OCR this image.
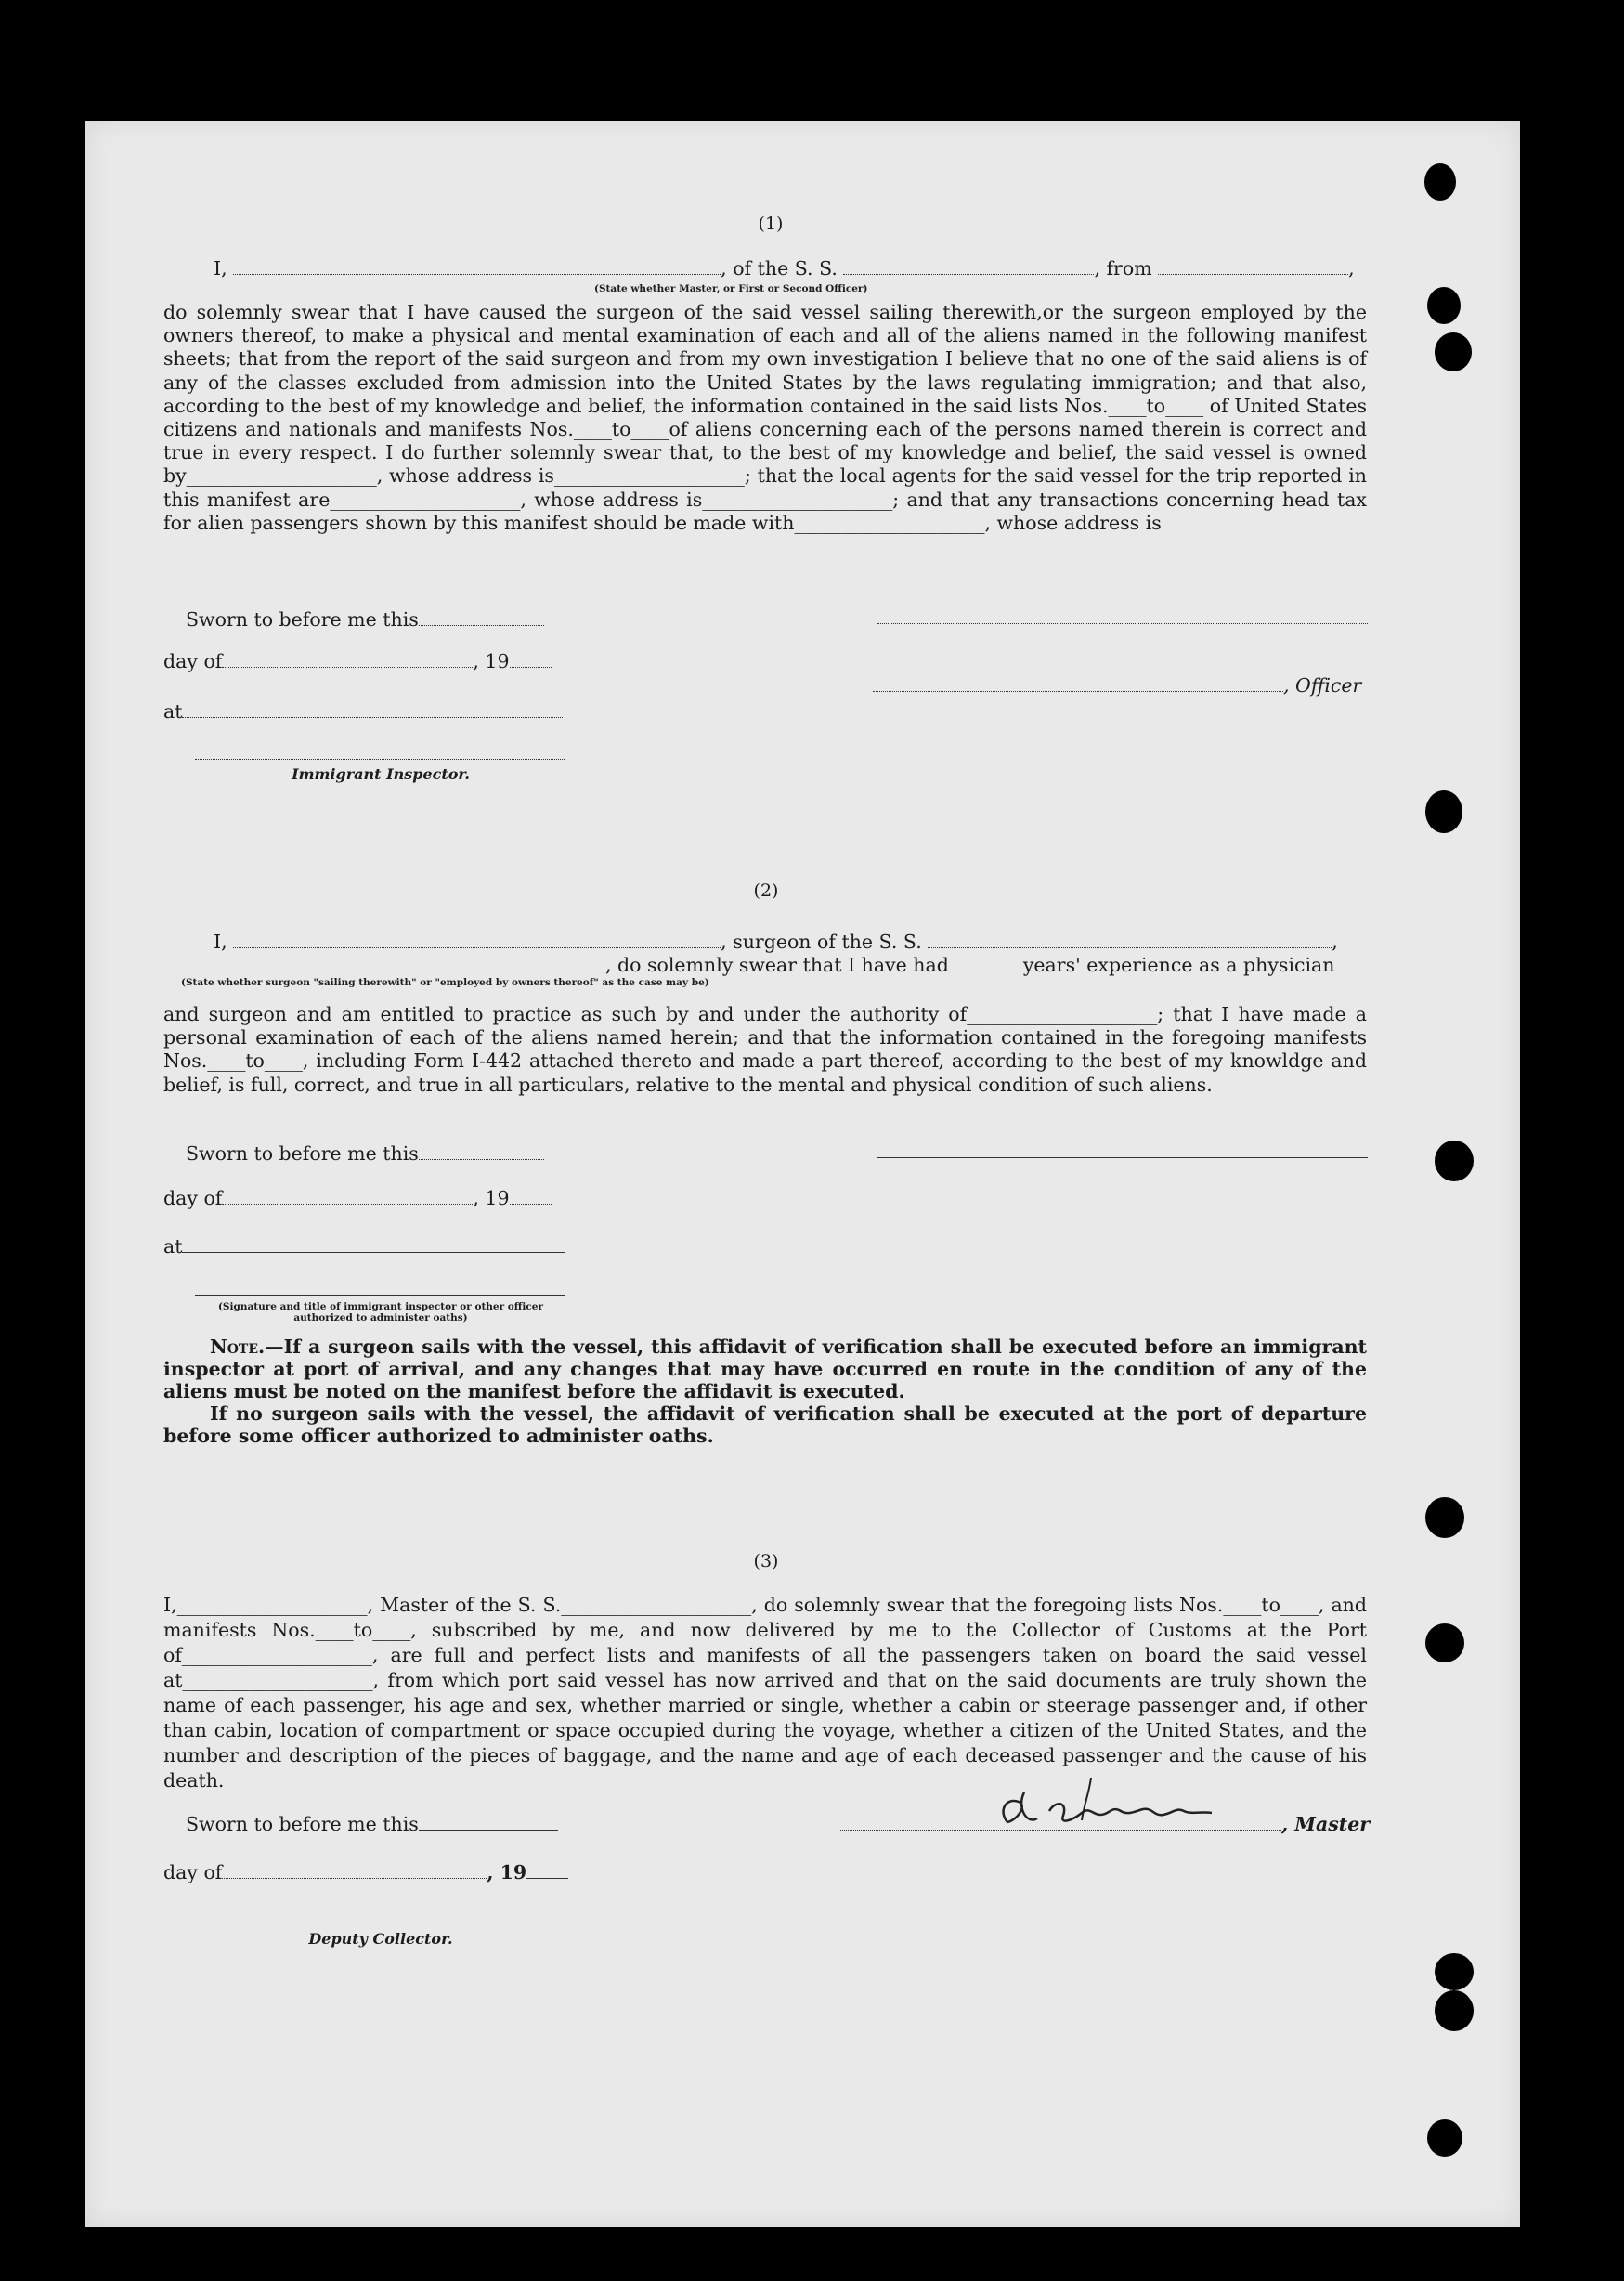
(1)
I,	, of the S. S.	, from	,
(State whether Master, or First or Second Officer)

do solemnly swear that I have caused the surgeon of the said vessel sailing therewith,or the surgeon employed by the owners thereof, to make a physical and mental examination of each and all of the aliens named in the following manifest sheets; that from the report of the said surgeon and from my own investigation I believe that no one of the said aliens is of any of the classes excluded from admission into the United States by the laws regulating immigration; and that also, according to the best of my knowledge and belief, the information contained in the said lists Nos.____to____ of United States citizens and nationals and manifests Nos.____to____of aliens concerning each of the persons named therein is correct and true in every respect. I do further solemnly swear that, to the best of my knowledge and belief, the said vessel is owned by____________________, whose address is____________________; that the local agents for the said vessel for the trip reported in this manifest are____________________, whose address is____________________; and that any transactions concerning head tax for alien passengers shown by this manifest should be made with____________________, whose address is

Sworn to before me this
day of	, 19
, Officer
at
Immigrant Inspector.
(2)
I,	, surgeon of the S. S.	,
, do solemnly swear that I have had	years' experience as a physician
(State whether surgeon "sailing therewith" or "employed by owners thereof" as the case may be)

and surgeon and am entitled to practice as such by and under the authority of____________________; that I have made a personal examination of each of the aliens named herein; and that the information contained in the foregoing manifests Nos.____to____, including Form I-442 attached thereto and made a part thereof, according to the best of my knowldge and belief, is full, correct, and true in all particulars, relative to the mental and physical condition of such aliens.

Sworn to before me this
day of	, 19
at
(Signature and title of immigrant inspector or other officer authorized to administer oaths)
Note.—If a surgeon sails with the vessel, this affidavit of verification shall be executed before an immigrant inspector at port of arrival, and any changes that may have occurred en route in the condition of any of the aliens must be noted on the manifest before the affidavit is executed.
If no surgeon sails with the vessel, the affidavit of verification shall be executed at the port of departure before some officer authorized to administer oaths.
(3)

I,____________________, Master of the S. S.____________________, do solemnly swear that the foregoing lists Nos.____to____, and manifests Nos.____to____, subscribed by me, and now delivered by me to the Collector of Customs at the Port of____________________, are full and perfect lists and manifests of all the passengers taken on board the said vessel at____________________, from which port said vessel has now arrived and that on the said documents are truly shown the name of each passenger, his age and sex, whether married or single, whether a cabin or steerage passenger and, if other than cabin, location of compartment or space occupied during the voyage, whether a citizen of the United States, and the number and description of the pieces of baggage, and the name and age of each deceased passenger and the cause of his death.

Sworn to before me this	, Master
day of	, 19
Deputy Collector.
